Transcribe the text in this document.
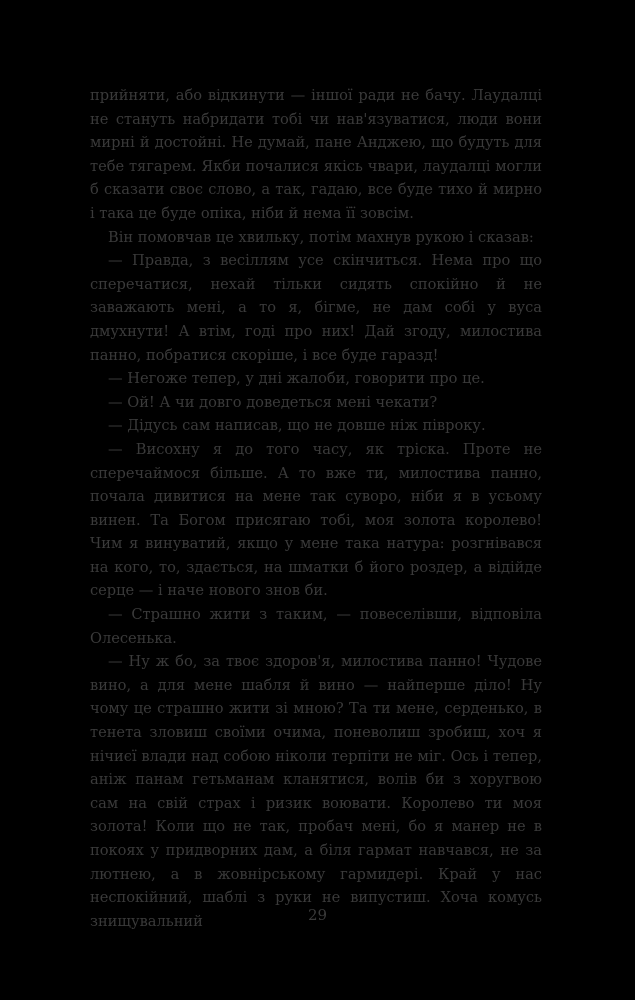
прийняти, або відкинути — іншої ради не бачу. Лаудалці не стануть набридати тобі чи нав'язуватися, люди вони мирні й достойні. Не думай, пане Анджею, що будуть для тебе тягарем. Якби почалися якісь чвари, лаудалці могли б сказати своє слово, а так, гадаю, все буде тихо й мирно і така це буде опіка, ніби й нема її зовсім.

Він помовчав це хвильку, потім махнув рукою і сказав:

— Правда, з весіллям усе скінчиться. Нема про що сперечатися, нехай тільки сидять спокійно й не заважають мені, а то я, бігме, не дам собі у вуса дмухнути! А втім, годі про них! Дай згоду, милостива панно, побратися скоріше, і все буде гаразд!

— Негоже тепер, у дні жалоби, говорити про це.

— Ой! А чи довго доведеться мені чекати?

— Дідусь сам написав, що не довше ніж півроку.

— Висохну я до того часу, як тріска. Проте не сперечаймося більше. А то вже ти, милостива панно, почала дивитися на мене так суворо, ніби я в усьому винен. Та Богом присягаю тобі, моя золота королево! Чим я винуватий, якщо у мене така натура: розгнівався на кого, то, здається, на шматки б його роздер, а відійде серце — і наче нового знов би.

— Страшно жити з таким, — повеселівши, відповіла Олесенька.

— Ну ж бо, за твоє здоров'я, милостива панно! Чудове вино, а для мене шабля й вино — найперше діло! Ну чому це страшно жити зі мною? Та ти мене, серденько, в тенета зловиш своїми очима, поневолиш зробиш, хоч я нічиєї влади над собою ніколи терпіти не міг. Ось і тепер, аніж панам гетьманам кланятися, волів би з хоругвою сам на свій страх і ризик воювати. Королево ти моя золота! Коли що не так, пробач мені, бо я манер не в покоях у придворних дам, а біля гармат навчався, не за лютнею, а в жовнірському гармидері. Край у нас неспокійний, шаблі з руки не випустиш. Хоча комусь знищувальний	29
